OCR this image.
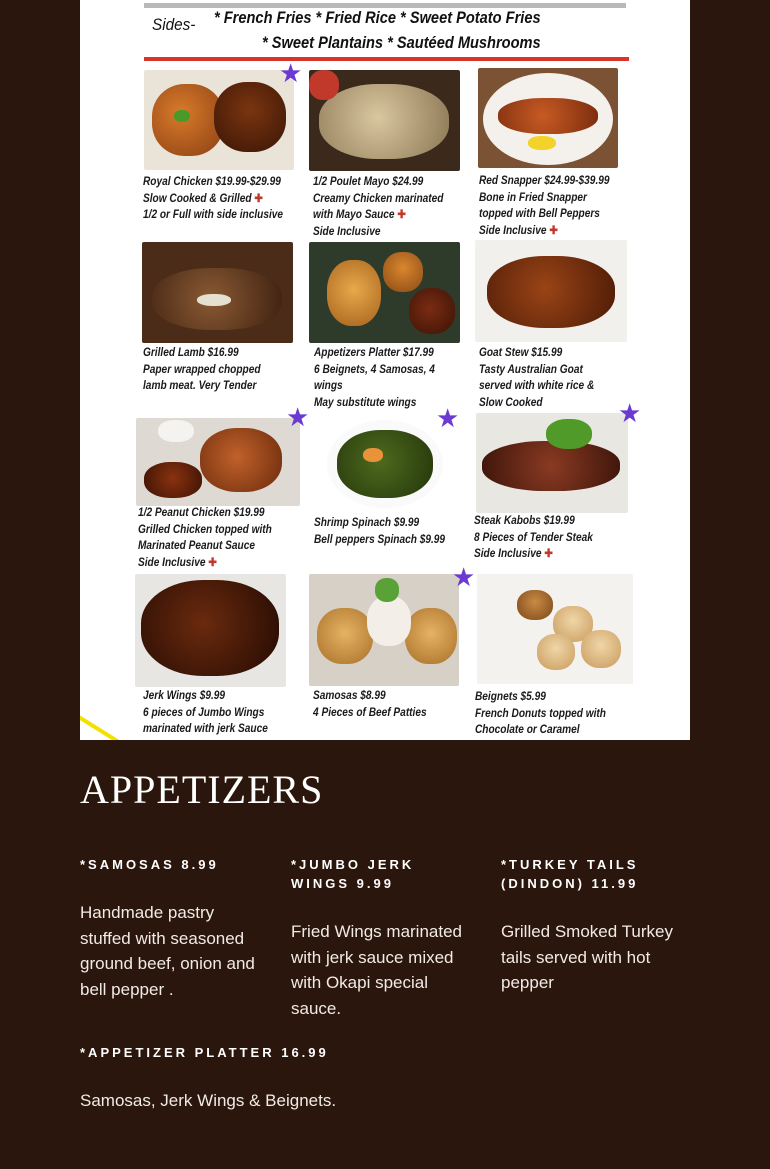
Sides- * French Fries * Fried Rice * Sweet Potato Fries
* Sweet Plantains * Sautéed Mushrooms
Royal Chicken $19.99-$29.99
Slow Cooked & Grilled ✚
1/2 or Full with side inclusive
1/2 Poulet Mayo $24.99
Creamy Chicken marinated
with Mayo Sauce ✚
Side Inclusive
Red Snapper $24.99-$39.99
Bone in Fried Snapper
topped with Bell Peppers
Side Inclusive ✚
Grilled Lamb $16.99
Paper wrapped chopped
lamb meat. Very Tender
Appetizers Platter $17.99
6 Beignets, 4 Samosas, 4
wings
May substitute wings
Goat Stew $15.99
Tasty Australian Goat
served with white rice &
Slow Cooked
1/2 Peanut Chicken $19.99
Grilled Chicken topped with
Marinated Peanut Sauce
Side Inclusive ✚
Shrimp Spinach $9.99
Bell peppers Spinach $9.99
Steak Kabobs $19.99
8 Pieces of Tender Steak
Side Inclusive ✚
Jerk Wings $9.99
6 pieces of Jumbo Wings
marinated with jerk Sauce
Samosas $8.99
4 Pieces of Beef Patties
Beignets $5.99
French Donuts topped with
Chocolate or Caramel
★
★	★	★
★
APPETIZERS

*SAMOSAS 8.99

Handmade pastry stuffed with seasoned ground beef, onion and bell pepper .

*JUMBO JERK WINGS 9.99

Fried Wings marinated with jerk sauce mixed with Okapi special sauce.

*TURKEY TAILS (DINDON) 11.99

Grilled Smoked Turkey tails served with hot pepper

*APPETIZER PLATTER 16.99

Samosas, Jerk Wings & Beignets.
